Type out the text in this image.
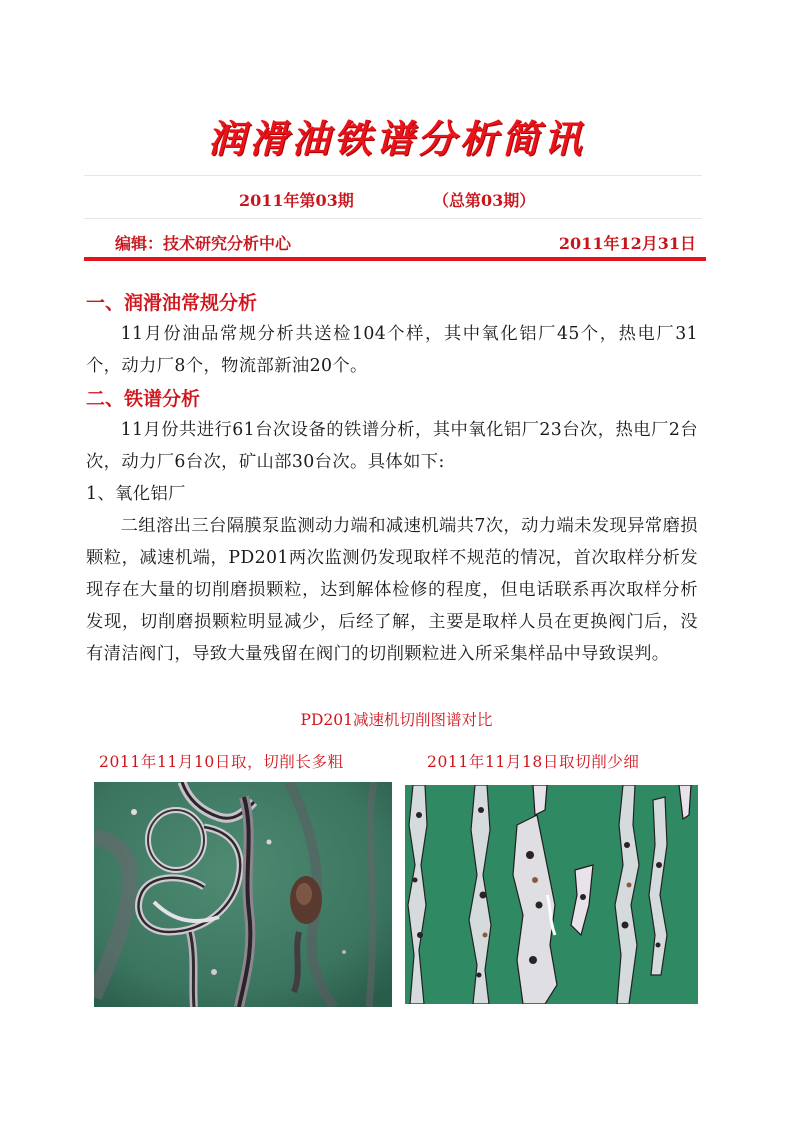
润滑油铁谱分析简讯
2011年第03期	（总第03期）
编辑：技术研究分析中心	2011年12月31日
一、润滑油常规分析

11月份油品常规分析共送检104个样，其中氧化铝厂45个，热电厂31个，动力厂8个，物流部新油20个。

二、铁谱分析

11月份共进行61台次设备的铁谱分析，其中氧化铝厂23台次，热电厂2台次，动力厂6台次，矿山部30台次。具体如下:

1、氧化铝厂

二组溶出三台隔膜泵监测动力端和减速机端共7次，动力端未发现异常磨损颗粒，减速机端，PD201两次监测仍发现取样不规范的情况，首次取样分析发现存在大量的切削磨损颗粒，达到解体检修的程度，但电话联系再次取样分析发现，切削磨损颗粒明显减少，后经了解，主要是取样人员在更换阀门后，没有清洁阀门，导致大量残留在阀门的切削颗粒进入所采集样品中导致误判。

PD201减速机切削图谱对比
2011年11月10日取，切削长多粗	2011年11月18日取切削少细
